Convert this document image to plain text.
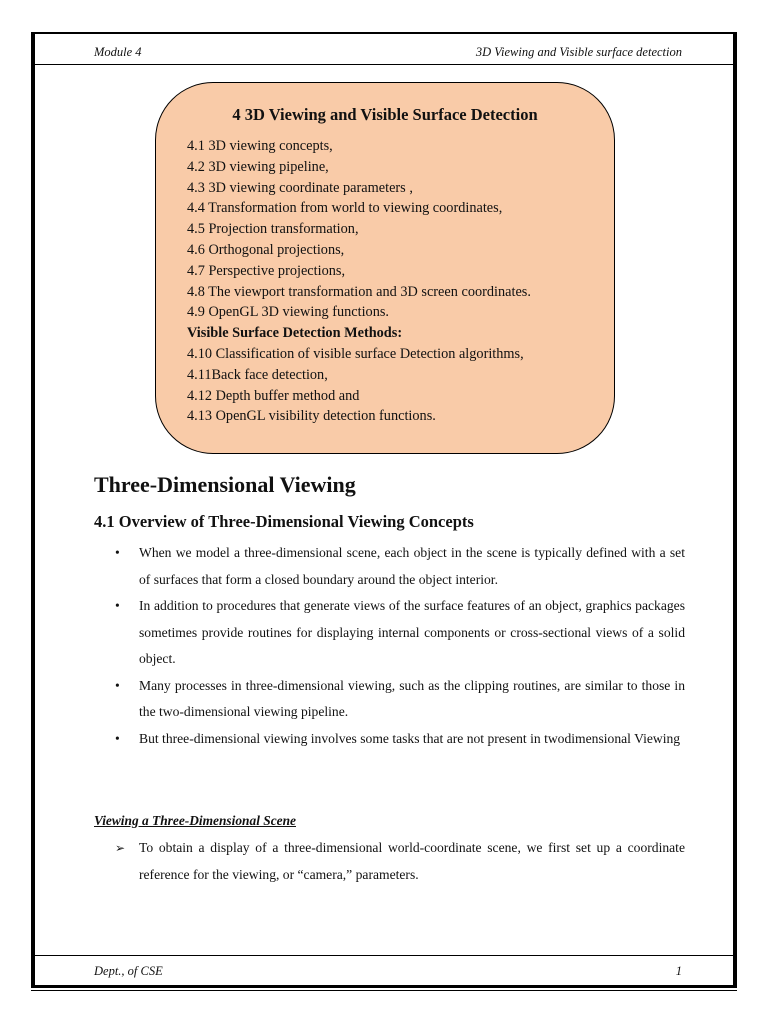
Module 4	3D Viewing and Visible surface detection
4 3D Viewing and Visible Surface Detection
4.1 3D viewing concepts,
4.2 3D viewing pipeline,
4.3 3D viewing coordinate parameters ,
4.4 Transformation from world to viewing coordinates,
4.5 Projection transformation,
4.6 Orthogonal projections,
4.7 Perspective projections,
4.8 The viewport transformation and 3D screen coordinates.
4.9 OpenGL 3D viewing functions.
Visible Surface Detection Methods:
4.10 Classification of visible surface Detection algorithms,
4.11Back face detection,
4.12 Depth buffer method and
4.13 OpenGL visibility detection functions.
Three-Dimensional Viewing
4.1 Overview of Three-Dimensional Viewing Concepts
• When we model a three-dimensional scene, each object in the scene is typically defined with a set of surfaces that form a closed boundary around the object interior.
• In addition to procedures that generate views of the surface features of an object, graphics packages sometimes provide routines for displaying internal components or cross-sectional views of a solid object.
• Many processes in three-dimensional viewing, such as the clipping routines, are similar to those in the two-dimensional viewing pipeline.
• But three-dimensional viewing involves some tasks that are not present in twodimensional Viewing
Viewing a Three-Dimensional Scene
➢ To obtain a display of a three-dimensional world-coordinate scene, we first set up a coordinate reference for the viewing, or “camera,” parameters.
Dept., of CSE	1
